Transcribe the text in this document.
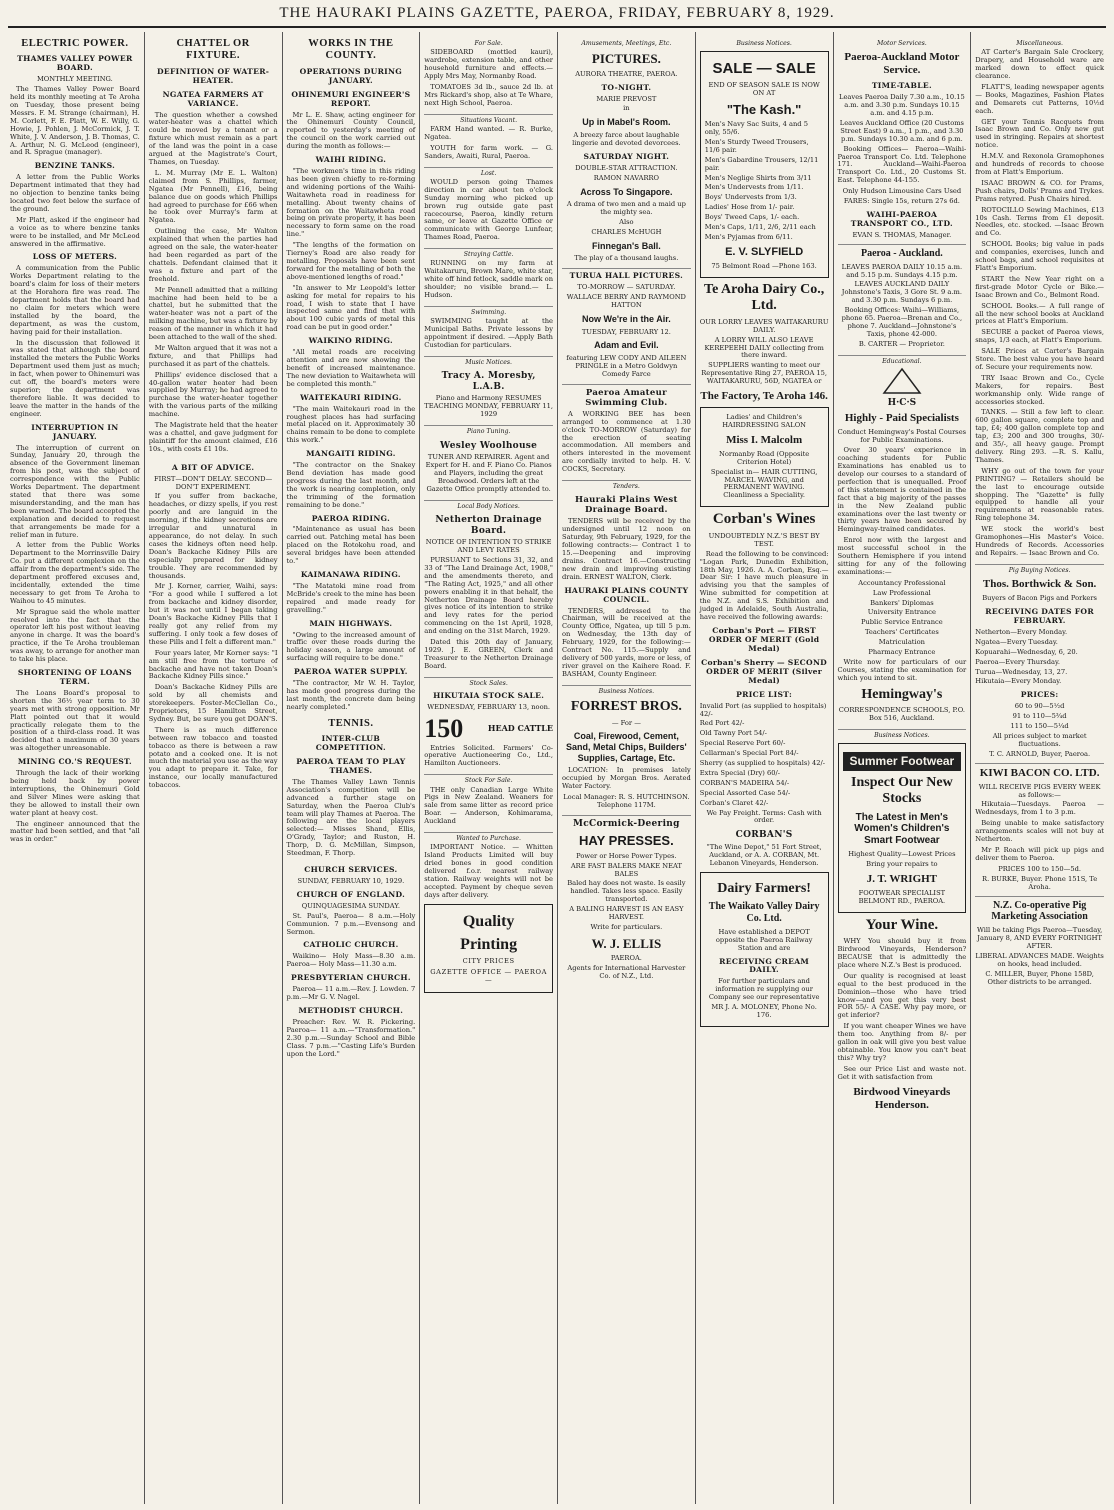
THE HAURAKI PLAINS GAZETTE, PAEROA, FRIDAY, FEBRUARY 8, 1929.
ELECTRIC POWER.
THAMES VALLEY POWER BOARD.
MONTHLY MEETING.

The Thames Valley Power Board held its monthly meeting at Te Aroha on Tuesday, those present being Messrs. F. M. Strange (chairman), H. M. Corlett, F. E. Platt, W. E. Willy, G. Howie, J. Pohlen, J. McCormick, J. T. White, J. V. Anderson, J. B. Thomas, C. A. Arthur, N. G. McLeod (engineer), and R. Sprague (manager).

BENZINE TANKS.

A letter from the Public Works Department intimated that they had no objection to benzine tanks being located two feet below the surface of the ground.

Mr Platt, asked if the engineer had a voice as to where benzine tanks were to be installed, and Mr McLeod answered in the affirmative.

LOSS OF METERS.

A communication from the Public Works Department relating to the board's claim for loss of their meters at the Horahora fire was read. The department holds that the board had no claim for meters which were installed by the board, the department, as was the custom, having paid for their installation.

In the discussion that followed it was stated that although the board installed the meters the Public Works Department used them just as much; in fact, when power to Ohinemuri was cut off, the board's meters were superior; the department was therefore liable. It was decided to leave the matter in the hands of the engineer.

INTERRUPTION IN JANUARY.

The interruption of current on Sunday, January 20, through the absence of the Government lineman from his post, was the subject of correspondence with the Public Works Department. The department stated that there was some misunderstanding, and the man has been warned. The board accepted the explanation and decided to request that arrangements be made for a relief man in future.

A letter from the Public Works Department to the Morrinsville Dairy Co. put a different complexion on the affair from the department's side. The department proffered excuses and, incidentally, extended the time necessary to get from Te Aroha to Waihou to 45 minutes.

Mr Sprague said the whole matter resolved into the fact that the operator left his post without leaving anyone in charge. It was the board's practice, if the Te Aroha troubleman was away, to arrange for another man to take his place.

SHORTENING OF LOANS TERM.

The Loans Board's proposal to shorten the 36½ year term to 30 years met with strong opposition. Mr Platt pointed out that it would practically relegate them to the position of a third-class road. It was decided that a maximum of 30 years was altogether unreasonable.

MINING CO.'S REQUEST.

Through the lack of their working being held back by power interruptions, the Ohinemuri Gold and Silver Mines were asking that they be allowed to install their own water plant at heavy cost.

The engineer announced that the matter had been settled, and that "all was in order."

CHATTEL OR FIXTURE.
DEFINITION OF WATER-HEATER.
NGATEA FARMERS AT VARIANCE.

The question whether a cowshed water-heater was a chattel which could be moved by a tenant or a fixture which must remain as a part of the land was the point in a case argued at the Magistrate's Court, Thames, on Tuesday.

L. M. Murray (Mr E. L. Walton) claimed from S. Phillips, farmer, Ngatea (Mr Pennell), £16, being balance due on goods which Phillips had agreed to purchase for £66 when he took over Murray's farm at Ngatea.

Outlining the case, Mr Walton explained that when the parties had agreed on the sale, the water-heater had been regarded as part of the chattels. Defendant claimed that it was a fixture and part of the freehold.

Mr Pennell admitted that a milking machine had been held to be a chattel, but he submitted that the water-heater was not a part of the milking machine, but was a fixture by reason of the manner in which it had been attached to the wall of the shed.

Mr Walton argued that it was not a fixture, and that Phillips had purchased it as part of the chattels.

Phillips' evidence disclosed that a 40-gallon water heater had been supplied by Murray; he had agreed to purchase the water-heater together with the various parts of the milking machine.

The Magistrate held that the heater was a chattel, and gave judgment for plaintiff for the amount claimed, £16 10s., with costs £1 10s.

A BIT OF ADVICE.
FIRST—DON'T DELAY. SECOND—DON'T EXPERIMENT.

If you suffer from backache, headaches, or dizzy spells, if you rest poorly and are languid in the morning, if the kidney secretions are irregular and unnatural in appearance, do not delay. In such cases the kidneys often need help. Doan's Backache Kidney Pills are especially prepared for kidney trouble. They are recommended by thousands.

Mr J. Korner, carrier, Waihi, says: "For a good while I suffered a lot from backache and kidney disorder, but it was not until I began taking Doan's Backache Kidney Pills that I really got any relief from my suffering. I only took a few doses of these Pills and I felt a different man."

Four years later, Mr Korner says: "I am still free from the torture of backache and have not taken Doan's Backache Kidney Pills since."

Doan's Backache Kidney Pills are sold by all chemists and storekeepers. Foster-McClellan Co., Proprietors, 15 Hamilton Street, Sydney. But, be sure you get DOAN'S.

There is as much difference between raw tobacco and toasted tobacco as there is between a raw potato and a cooked one. It is not much the material you use as the way you adapt to prepare it. Take, for instance, our locally manufactured tobaccos.

WORKS IN THE COUNTY.
OPERATIONS DURING JANUARY.
OHINEMURI ENGINEER'S REPORT.

Mr L. E. Shaw, acting engineer for the Ohinemuri County Council, reported to yesterday's meeting of the council on the work carried out during the month as follows:—

WAIHI RIDING.

"The workmen's time in this riding has been given chiefly to re-forming and widening portions of the Waihi-Waitawheta road in readiness for metalling. About twenty chains of formation on the Waitawheta road being on private property, it has been necessary to form same on the road line."

"The lengths of the formation on Tierney's Road are also ready for metalling. Proposals have been sent forward for the metalling of both the above-mentioned lengths of road."

"In answer to Mr Leopold's letter asking for metal for repairs to his road, I wish to state that I have inspected same and find that with about 100 cubic yards of metal this road can be put in good order."

WAIKINO RIDING.

"All metal roads are receiving attention and are now showing the benefit of increased maintenance. The new deviation to Waitawheta will be completed this month."

WAITEKAURI RIDING.

"The main Waitekauri road in the roughest places has had surfacing metal placed on it. Approximately 30 chains remain to be done to complete this work."

MANGAITI RIDING.

"The contractor on the Snakey Bend deviation has made good progress during the last month, and the work is nearing completion, only the trimming of the formation remaining to be done."

PAEROA RIDING.

"Maintenance as usual has been carried out. Patching metal has been placed on the Rotokohu road, and several bridges have been attended to."

KAIMANAWA RIDING.

"The Matatoki mine road from McBride's creek to the mine has been repaired and made ready for gravelling."

MAIN HIGHWAYS.

"Owing to the increased amount of traffic over these roads during the holiday season, a large amount of surfacing will require to be done."

PAEROA WATER SUPPLY.

"The contractor, Mr W. H. Taylor, has made good progress during the last month, the concrete dam being nearly completed."

TENNIS.
INTER-CLUB COMPETITION.
PAEROA TEAM TO PLAY THAMES.

The Thames Valley Lawn Tennis Association's competition will be advanced a further stage on Saturday, when the Paeroa Club's team will play Thames at Paeroa. The following are the local players selected:— Misses Shand, Ellis, O'Grady, Taylor; and Ruston, H. Thorp, D. G. McMillan, Simpson, Steedman, F. Thorp.

CHURCH SERVICES.
SUNDAY, FEBRUARY 10, 1929.
CHURCH OF ENGLAND.
QUINQUAGESIMA SUNDAY.

St. Paul's, Paeroa— 8 a.m.—Holy Communion. 7 p.m.—Evensong and Sermon.

CATHOLIC CHURCH.

Waikino— Holy Mass—8.30 a.m. Paeroa— Holy Mass—11.30 a.m.

PRESBYTERIAN CHURCH.

Paeroa— 11 a.m.—Rev. J. Lowden. 7 p.m.—Mr G. V. Nagel.

METHODIST CHURCH.

Preacher: Rev. W. R. Pickering. Paeroa— 11 a.m.—"Transformation." 2.30 p.m.—Sunday School and Bible Class. 7 p.m.—"Casting Life's Burden upon the Lord."

For Sale.

SIDEBOARD (mottled kauri), wardrobe, extension table, and other household furniture and effects.— Apply Mrs May, Normanby Road.

TOMATOES 3d lb., sauce 2d lb. at Mrs Rickard's shop, also at Te Whare, next High School, Paeroa.

Situations Vacant.

FARM Hand wanted. — R. Burke, Ngatea.

YOUTH for farm work. — G. Sanders, Awaiti, Rural, Paeroa.

Lost.

WOULD person going Thames direction in car about ten o'clock Sunday morning who picked up brown rug outside gate past racecourse, Paeroa, kindly return same, or leave at Gazette Office or communicate with George Lunfear, Thames Road, Paeroa.

Straying Cattle.

RUNNING on my farm at Waitakaruru, Brown Mare, white star, white off hind fetlock, saddle mark on shoulder; no visible brand.— L. Hudson.

Swimming.

SWIMMING taught at the Municipal Baths. Private lessons by appointment if desired. —Apply Bath Custodian for particulars.

Music Notices.
Tracy A. Moresby, L.A.B.
Piano and Harmony RESUMES TEACHING MONDAY, FEBRUARY 11, 1929
Piano Tuning.
Wesley Woolhouse
TUNER AND REPAIRER. Agent and Expert for H. and F. Piano Co. Pianos and Players, including the great Broadwood. Orders left at the Gazette Office promptly attended to.
Local Body Notices.
Netherton Drainage Board.
NOTICE OF INTENTION TO STRIKE AND LEVY RATES

PURSUANT to Sections 31, 32, and 33 of "The Land Drainage Act, 1908," and the amendments thereto, and "The Rating Act, 1925," and all other powers enabling it in that behalf, the Netherton Drainage Board hereby gives notice of its intention to strike and levy rates for the period commencing on the 1st April, 1928, and ending on the 31st March, 1929.

Dated this 20th day of January, 1929. J. E. GREEN, Clerk and Treasurer to the Netherton Drainage Board.

Stock Sales.
HIKUTAIA STOCK SALE.
WEDNESDAY, FEBRUARY 13, noon.
150	HEAD CATTLE

Entries Solicited. Farmers' Co-operative Auctioneering Co., Ltd., Hamilton Auctioneers.

Stock For Sale.

THE only Canadian Large White Pigs in New Zealand. Weaners for sale from same litter as record price Boar. — Anderson, Kohimarama, Auckland

Wanted to Purchase.

IMPORTANT Notice. — Whitten Island Products Limited will buy dried bones in good condition delivered f.o.r. nearest railway station. Railway weights will not be accepted. Payment by cheque seven days after delivery.

Quality
Printing
CITY PRICES
GAZETTE OFFICE — PAEROA —
Amusements, Meetings, Etc.
PICTURES.
AURORA THEATRE, PAEROA.
TO-NIGHT.
MARIE PREVOST
in
Up in Mabel's Room.
A breezy farce about laughable lingerie and devoted devorcees.
SATURDAY NIGHT.
DOUBLE-STAR ATTRACTION.
RAMON NAVARRO
Across To Singapore.
A drama of two men and a maid up the mighty sea.
Also
CHARLES McHUGH
Finnegan's Ball.
The play of a thousand laughs.
TURUA HALL PICTURES.
TO-MORROW — SATURDAY.
WALLACE BERRY AND RAYMOND HATTON
Now We're in the Air.
TUESDAY, FEBRUARY 12.
Adam and Evil.
featuring LEW CODY AND AILEEN PRINGLE in a Metro Goldwyn Comedy Farce
Paeroa Amateur Swimming Club.

A WORKING BEE has been arranged to commence at 1.30 o'clock TO-MORROW (Saturday) for the erection of seating accommodation. All members and others interested in the movement are cordially invited to help. H. V. COCKS, Secretary.

Tenders.
Hauraki Plains West Drainage Board.

TENDERS will be received by the undersigned until 12 noon on Saturday, 9th February, 1929, for the following contracts:— Contract 1 to 15.—Deepening and improving drains. Contract 16.—Constructing new drain and improving existing drain. ERNEST WALTON, Clerk.

HAURAKI PLAINS COUNTY COUNCIL.

TENDERS, addressed to the Chairman, will be received at the County Office, Ngatea, up till 5 p.m. on Wednesday, the 13th day of February, 1929, for the following:— Contract No. 115.—Supply and delivery of 500 yards, more or less, of river gravel on the Kaihere Road. F. BASHAM, County Engineer.

Business Notices.
FORREST BROS.
— For —
Coal, Firewood, Cement, Sand, Metal Chips, Builders' Supplies, Cartage, Etc.

LOCATION: In premises lately occupied by Morgan Bros. Aerated Water Factory.

Local Manager: R. S. HUTCHINSON. Telephone 117M.
McCormick-Deering
HAY PRESSES.
Power or Horse Power Types.
ARE FAST BALERS MAKE NEAT BALES
Baled hay does not waste. Is easily handled. Takes less space. Easily transported.
A BALING HARVEST IS AN EASY HARVEST.
Write for particulars.
W. J. ELLIS
PAEROA.
Agents for International Harvester Co. of N.Z., Ltd.
Business Notices.
SALE — SALE
END OF SEASON SALE IS NOW ON AT
"The Kash."
Men's Navy Sac Suits, 4 and 5 only, 55/6.
Men's Sturdy Tweed Trousers, 11/6 pair.
Men's Gabardine Trousers, 12/11 pair.
Men's Neglige Shirts from 3/11
Men's Undervests from 1/11.
Boys' Undervests from 1/3.
Ladies' Hose from 1/- pair.
Boys' Tweed Caps, 1/- each.
Men's Caps, 1/11, 2/6, 2/11 each
Men's Pyjamas from 6/11.
E. V. SLYFIELD
75 Belmont Road —Phone 163.
Te Aroha Dairy Co., Ltd.
OUR LORRY LEAVES WAITAKARURU DAILY.
A LORRY WILL ALSO LEAVE KEREPEEHI DAILY collecting from there inward.
SUPPLIERS wanting to meet our Representative Ring 27, PAEROA 15, WAITAKARURU, 56D, NGATEA or
The Factory, Te Aroha 146.
Ladies' and Children's HAIRDRESSING SALON
Miss I. Malcolm
Normanby Road (Opposite Criterion Hotel)
Specialist in— HAIR CUTTING, MARCEL WAVING, and PERMANENT WAVING. Cleanliness a Speciality.
Corban's Wines
UNDOUBTEDLY N.Z.'S BEST BY TEST.

Read the following to be convinced: "Logan Park, Dunedin Exhibition, 18th May, 1926. A. A. Corban, Esq.—Dear Sir: I have much pleasure in advising you that the samples of Wine submitted for competition at the N.Z. and S.S. Exhibition and judged in Adelaide, South Australia, have received the following awards:

Corban's Port — FIRST ORDER OF MERIT (Gold Medal)
Corban's Sherry — SECOND ORDER OF MERIT (Silver Medal)
PRICE LIST:
Invalid Port (as supplied to hospitals) 42/-
Red Port 42/-
Old Tawny Port 54/-
Special Reserve Port 60/-
Cellarman's Special Port 84/-
Sherry (as supplied to hospitals) 42/-
Extra Special (Dry) 60/-
CORBAN'S MADEIRA 54/-
Special Assorted Case 54/-
Corban's Claret 42/-
We Pay Freight. Terms: Cash with order.
CORBAN'S
"The Wine Depot," 51 Fort Street, Auckland, or A. A. CORBAN, Mt. Lebanon Vineyards, Henderson.
Dairy Farmers!
The Waikato Valley Dairy Co. Ltd.
Have established a DEPOT opposite the Paeroa Railway Station and are
RECEIVING CREAM DAILY.
For further particulars and information re supplying our Company see our representative
MR J. A. MOLONEY, Phone No. 176.
Motor Services.
Paeroa-Auckland Motor Service.
TIME-TABLE.
Leaves Paeroa Daily 7.30 a.m., 10.15 a.m. and 3.30 p.m. Sundays 10.15 a.m. and 4.15 p.m.
Leaves Auckland Office (20 Customs Street East) 9 a.m., 1 p.m., and 3.30 p.m. Sundays 10.30 a.m. and 6 p.m.

Booking Offices— Paeroa—Waihi-Paeroa Transport Co. Ltd. Telephone 171. Auckland—Waihi-Paeroa Transport Co. Ltd., 20 Customs St. East. Telephone 44-155.

Only Hudson Limousine Cars Used
FARES: Single 15s, return 27s 6d.
WAIHI-PAEROA TRANSPORT CO., LTD.
EVAN S. THOMAS, Manager.
Paeroa - Auckland.
LEAVES PAEROA DAILY 10.15 a.m. and 5.15 p.m. Sundays 4.15 p.m.
LEAVES AUCKLAND DAILY Johnstone's Taxis, 3 Gore St. 9 a.m. and 3.30 p.m. Sundays 6 p.m.
Booking Offices: Waihi—Williams, phone 65. Paeroa—Brenan and Co., phone 7. Auckland—Johnstone's Taxis, phone 42-000.
B. CARTER — Proprietor.
Educational.
H·C·S
Highly - Paid Specialists
Conduct Hemingway's Postal Courses for Public Examinations.

Over 30 years' experience in coaching students for Public Examinations has enabled us to develop our courses to a standard of perfection that is unequalled. Proof of this statement is contained in the fact that a big majority of the passes in the New Zealand public examinations over the last twenty or thirty years have been secured by Hemingway-trained candidates.

Enrol now with the largest and most successful school in the Southern Hemisphere if you intend sitting for any of the following examinations:—

Accountancy Professional
Law Professional
Bankers' Diplomas
University Entrance
Public Service Entrance
Teachers' Certificates
Matriculation
Pharmacy Entrance

Write now for particulars of our Courses, stating the examination for which you intend to sit.

Hemingway's
CORRESPONDENCE SCHOOLS, P.O. Box 516, Auckland.
Business Notices.
Summer Footwear
Inspect Our New Stocks
The Latest in Men's Women's Children's Smart Footwear
Highest Quality—Lowest Prices
Bring your repairs to
J. T. WRIGHT
FOOTWEAR SPECIALIST BELMONT RD., PAEROA.
Your Wine.

WHY You should buy it from Birdwood Vineyards, Henderson? BECAUSE that is admittedly the place where N.Z.'s Best is produced.

Our quality is recognised at least equal to the best produced in the Dominion—those who have tried know—and you get this very best FOR 55/- A CASE. Why pay more, or get inferior?

If you want cheaper Wines we have them too. Anything from 8/- per gallon in oak will give you best value obtainable. You know you can't beat this? Why try?

See our Price List and waste not. Get it with satisfaction from

Birdwood Vineyards Henderson.
Miscellaneous.

AT Carter's Bargain Sale Crockery, Drapery, and Household ware are marked down to effect quick clearance.

FLATT'S, leading newspaper agents — Books, Magazines, Fashion Plates and Demarets cut Patterns, 10½d each.

GET your Tennis Racquets from Isaac Brown and Co. Only new gut used in stringing. Repairs at shortest notice.

H.M.V. and Rexonola Gramophones and hundreds of records to choose from at Flatt's Emporium.

ISAAC BROWN & CO. for Prams, Push chairs, Dolls' Prams and Trykes. Prams retyred. Push Chairs hired.

ROTOCILLO Sewing Machines, £13 10s Cash. Terms from £1 deposit. Needles, etc. stocked. —Isaac Brown and Co.

SCHOOL Books; big value in pads and companies, exercises, lunch and school bags, and school requisites at Flatt's Emporium.

START the New Year right on a first-grade Motor Cycle or Bike.—Isaac Brown and Co., Belmont Road.

SCHOOL Books.— A full range of all the new school books at Auckland prices at Flatt's Emporium.

SECURE a packet of Paeroa views, snaps, 1/3 each, at Flatt's Emporium.

SALE Prices at Carter's Bargain Store. The best value you have heard of. Secure your requirements now.

TRY Isaac Brown and Co., Cycle Makers, for repairs. Best workmanship only. Wide range of accessories stocked.

TANKS. — Still a few left to clear. 600 gallon square, complete top and tap, £4; 400 gallon complete top and tap, £3; 200 and 300 troughs, 30/- and 35/-, all heavy gauge. Prompt delivery. Ring 293. —R. S. Kallu, Thames.

WHY go out of the town for your PRINTING? — Retailers should be the last to encourage outside shopping. The "Gazette" is fully equipped to handle all your requirements at reasonable rates. Ring telephone 34.

WE stock the world's best Gramophones—His Master's Voice. Hundreds of Records. Accessories and Repairs. — Isaac Brown and Co.

Pig Buying Notices.
Thos. Borthwick & Son.
Buyers of Bacon Pigs and Porkers
RECEIVING DATES FOR FEBRUARY.
Netherton—Every Monday.
Ngatea—Every Tuesday.
Kopuarahi—Wednesday, 6, 20.
Paeroa—Every Thursday.
Turua—Wednesday, 13, 27.
Hikutaia—Every Monday.
PRICES:
60 to 90—5½d
91 to 110—5¾d
111 to 150—5¼d
All prices subject to market fluctuations.
T. C. ARNOLD, Buyer, Paeroa.
KIWI BACON CO. LTD.
WILL RECEIVE PIGS EVERY WEEK as follows:—

Hikutaia—Tuesdays. Paeroa — Wednesdays, from 1 to 3 p.m.

Being unable to make satisfactory arrangements scales will not buy at Netherton.

Mr P. Roach will pick up pigs and deliver them to Paeroa.

PRICES 100 to 150—5d.
R. BURKE, Buyer. Phone 151S, Te Aroha.
N.Z. Co-operative Pig Marketing Association
Will be taking Pigs Paeroa—Tuesday, January 8, AND EVERY FORTNIGHT AFTER.
LIBERAL ADVANCES MADE. Weights on hooks, head included.
C. MILLER, Buyer, Phone 158D, Other districts to be arranged.
